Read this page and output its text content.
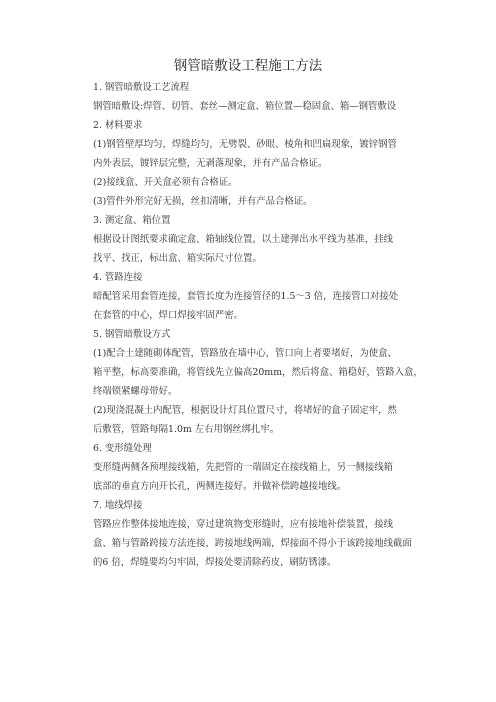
钢管暗敷设工程施工方法
1. 钢管暗敷设工艺流程
钢管暗敷设:焊管、切管、套丝—测定盒、箱位置—稳固盒、箱—钢管敷设
2. 材料要求
(1)钢管壁厚均匀，焊缝均匀，无劈裂、砂眼、棱角和凹扁现象，镀锌钢管
内外表层，镀锌层完整，无剥落现象，并有产品合格证。
(2)接线盒、开关盒必须有合格证。
(3)管件外形完好无损，丝扣清晰，并有产品合格证。
3. 测定盒、箱位置
根据设计图纸要求确定盒、箱轴线位置，以土建弹出水平线为基准，挂线
找平、找正，标出盒、箱实际尺寸位置。
4. 管路连接
暗配管采用套管连接，套管长度为连接管径的1.5～3 倍，连接管口对接处
在套管的中心，焊口焊接牢固严密。
5. 钢管暗敷设方式
(1)配合土建随砌体配管，管路放在墙中心，管口向上者要堵好，为使盒、
箱平整，标高要准确，将管线先立偏高20mm，然后将盒、箱稳好，管路入盒，
终端锁紧螺母带好。
(2)现浇混凝土内配管，根据设计灯具位置尺寸，将堵好的盒子固定牢，然
后敷管，管路每隔1.0m 左右用钢丝绑扎牢。
6. 变形缝处理
变形缝两侧各预埋接线箱，先把管的一端固定在接线箱上，另一侧接线箱
底部的垂直方向开长孔，两侧连接好。并做补偿跨越接地线。
7. 地线焊接
管路应作整体接地连接，穿过建筑物变形缝时，应有接地补偿装置，接线
盒、箱与管路跨接方法连接，跨接地线两端，焊接面不得小于该跨接地线截面
的6 倍，焊缝要均匀牢固，焊接处要清除药皮，刷防锈漆。
